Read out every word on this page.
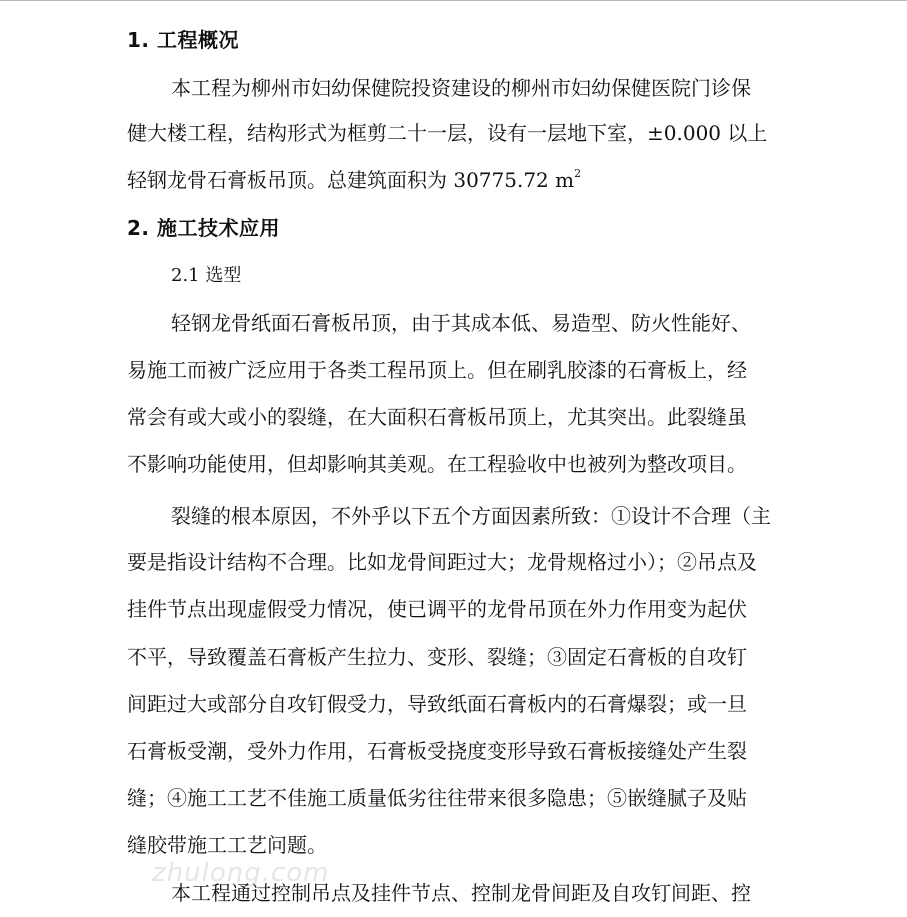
1. 工程概况
本工程为柳州市妇幼保健院投资建设的柳州市妇幼保健医院门诊保
健大楼工程，结构形式为框剪二十一层，设有一层地下室，±0.000 以上
轻钢龙骨石膏板吊顶。总建筑面积为 30775.72 $m^2$
2. 施工技术应用
2.1 选型
轻钢龙骨纸面石膏板吊顶，由于其成本低、易造型、防火性能好、
易施工而被广泛应用于各类工程吊顶上。但在刷乳胶漆的石膏板上，经
常会有或大或小的裂缝，在大面积石膏板吊顶上，尤其突出。此裂缝虽
不影响功能使用，但却影响其美观。在工程验收中也被列为整改项目。
裂缝的根本原因，不外乎以下五个方面因素所致：①设计不合理（主
要是指设计结构不合理。比如龙骨间距过大；龙骨规格过小）；②吊点及
挂件节点出现虚假受力情况，使已调平的龙骨吊顶在外力作用变为起伏
不平，导致覆盖石膏板产生拉力、变形、裂缝；③固定石膏板的自攻钉
间距过大或部分自攻钉假受力，导致纸面石膏板内的石膏爆裂；或一旦
石膏板受潮，受外力作用，石膏板受挠度变形导致石膏板接缝处产生裂
缝；④施工工艺不佳施工质量低劣往往带来很多隐患；⑤嵌缝腻子及贴
缝胶带施工工艺问题。
zhulong.com
本工程通过控制吊点及挂件节点、控制龙骨间距及自攻钉间距、控
